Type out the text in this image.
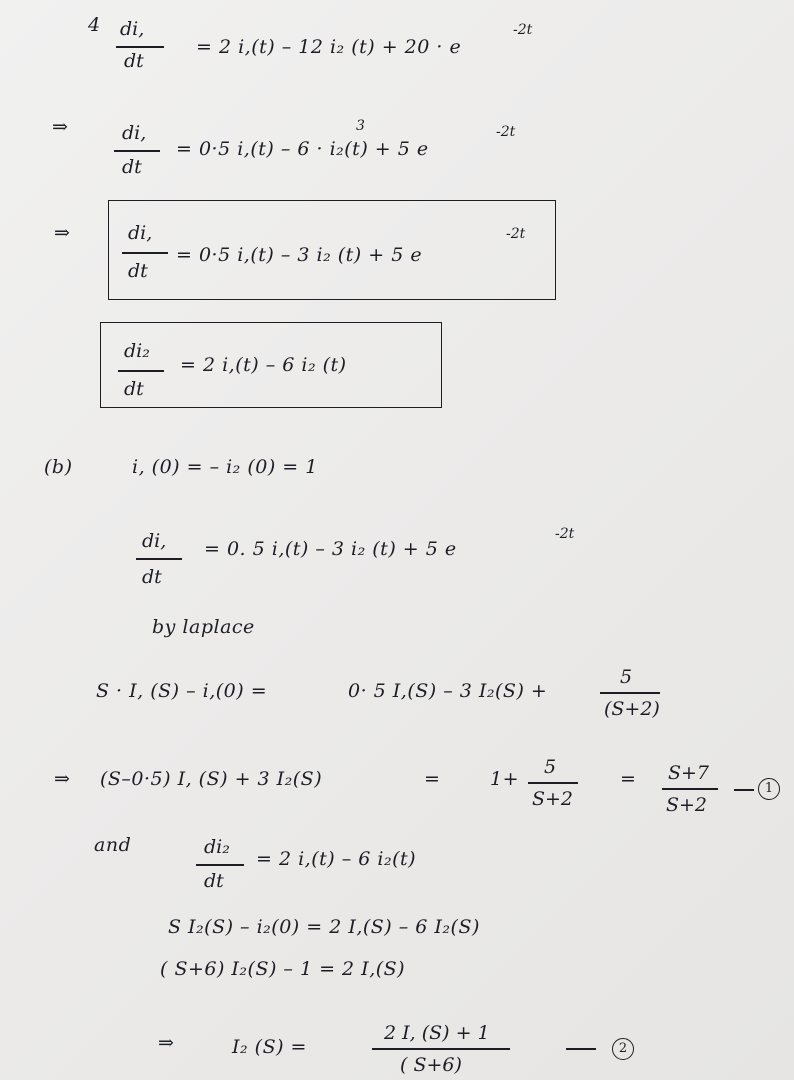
4 di,
dt
= 2 i,(t) – 12 i₂ (t) + 20 · e
-2t
⇒	di,
dt
3
= 0·5 i,(t) – 6 · i₂(t) + 5 e
-2t
⇒	di,
dt
= 0·5 i,(t) – 3 i₂ (t) + 5 e
-2t
di₂
dt
= 2 i,(t) – 6 i₂ (t)
(b)	i, (0) = – i₂ (0) = 1
di,
dt
= 0. 5 i,(t) – 3 i₂ (t) + 5 e
-2t
by laplace
S · I, (S) – i,(0) =	0· 5 I,(S) – 3 I₂(S) +
5
(S+2)
⇒ (S–0·5) I, (S) + 3 I₂(S)	=	1+
5
S+2
= S+7
S+2
1
and	di₂
dt
= 2 i,(t) – 6 i₂(t)
S I₂(S) – i₂(0) = 2 I,(S) – 6 I₂(S)
( S+6) I₂(S) – 1 = 2 I,(S)
⇒	I₂ (S) =
2 I, (S) + 1
( S+6)
2
